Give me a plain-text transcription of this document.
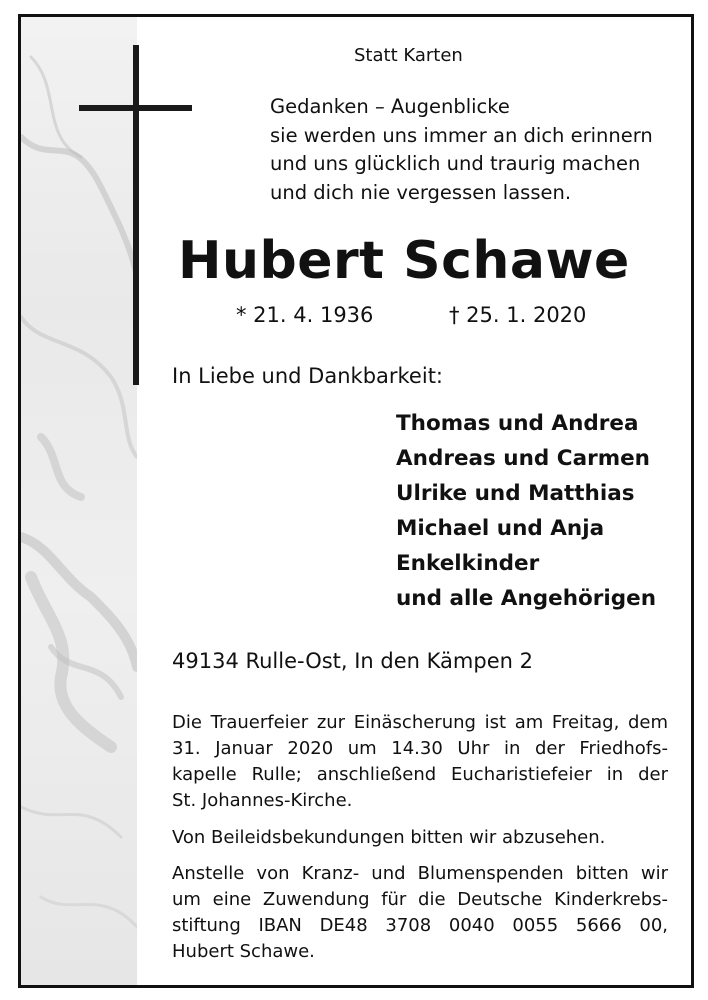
Statt Karten
Gedanken – Augenblicke
sie werden uns immer an dich erinnern
und uns glücklich und traurig machen
und dich nie vergessen lassen.
Hubert Schawe
* 21. 4. 1936	† 25. 1. 2020
In Liebe und Dankbarkeit:
Thomas und Andrea
Andreas und Carmen
Ulrike und Matthias
Michael und Anja
Enkelkinder
und alle Angehörigen
49134 Rulle-Ost, In den Kämpen 2
Die Trauerfeier zur Einäscherung ist am Freitag, dem
31. Januar 2020 um 14.30 Uhr in der Friedhofs-
kapelle Rulle; anschließend Eucharistiefeier in der
St. Johannes-Kirche.
Von Beileidsbekundungen bitten wir abzusehen.
Anstelle von Kranz- und Blumenspenden bitten wir
um eine Zuwendung für die Deutsche Kinderkrebs-
stiftung IBAN DE48 3708 0040 0055 5666 00,
Hubert Schawe.
